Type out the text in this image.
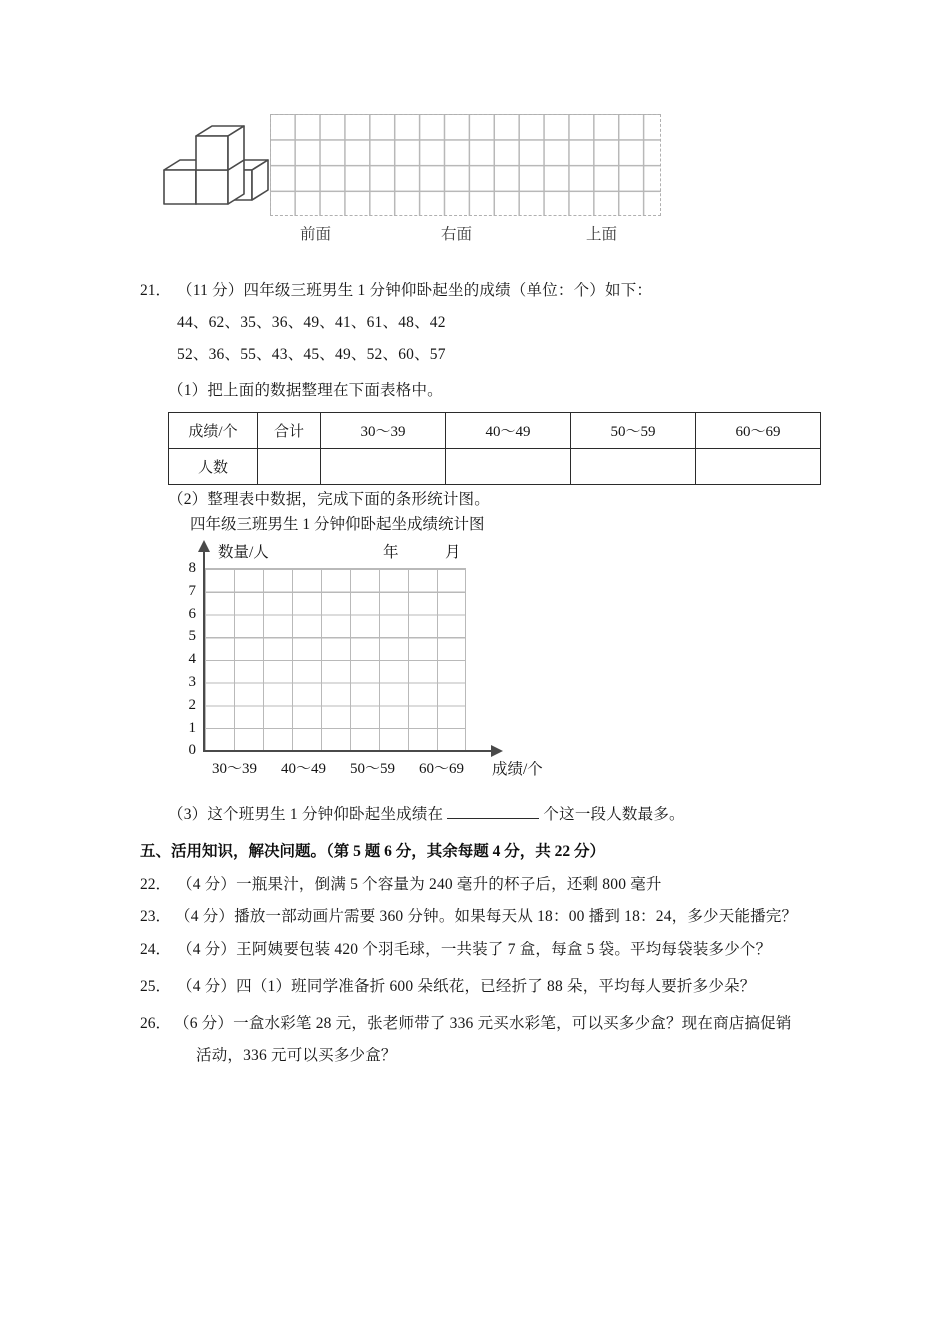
前面	右面	上面
21． （11 分）四年级三班男生 1 分钟仰卧起坐的成绩（单位：个）如下：
44、62、35、36、49、41、61、48、42
52、36、55、43、45、49、52、60、57
（1）把上面的数据整理在下面表格中。
成绩/个	合计	30～39	40～49	50～59	60～69
人数					
（2）整理表中数据，完成下面的条形统计图。
四年级三班男生 1 分钟仰卧起坐成绩统计图
数量/人	年	月
8
7
6
5
4
3
2
1
0
30～39 40～49 50～59 60～69 成绩/个
（3）这个班男生 1 分钟仰卧起坐成绩在	个这一段人数最多。
五、活用知识，解决问题。（第 5 题 6 分，其余每题 4 分，共 22 分）
22． （4 分）一瓶果汁，倒满 5 个容量为 240 毫升的杯子后，还剩 800 毫升
23． （4 分）播放一部动画片需要 360 分钟。如果每天从 18：00 播到 18：24，多少天能播完？
24． （4 分）王阿姨要包装 420 个羽毛球，一共装了 7 盒，每盒 5 袋。平均每袋装多少个？
25． （4 分）四（1）班同学准备折 600 朵纸花，已经折了 88 朵，平均每人要折多少朵？
26． （6 分）一盒水彩笔 28 元，张老师带了 336 元买水彩笔，可以买多少盒？现在商店搞促销
活动，336 元可以买多少盒？
